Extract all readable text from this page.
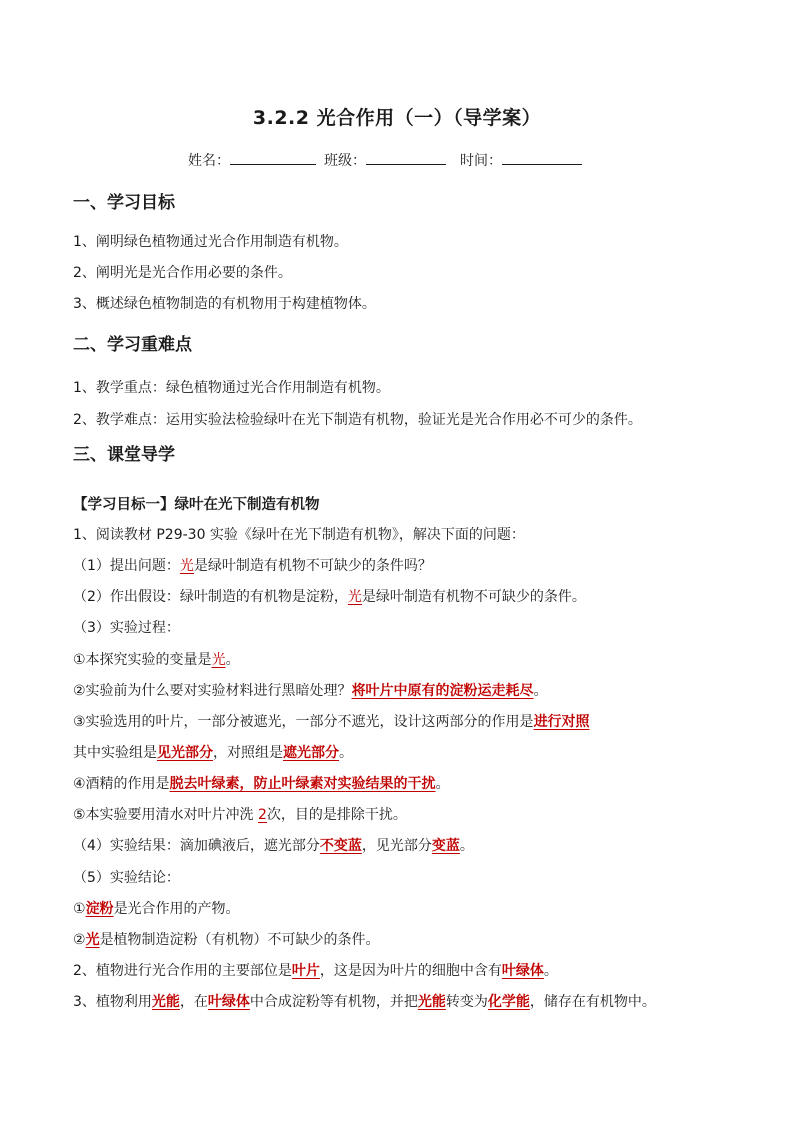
3.2.2 光合作用（一）（导学案）
姓名：	班级：	时间：
一、学习目标
1、阐明绿色植物通过光合作用制造有机物。
2、阐明光是光合作用必要的条件。
3、概述绿色植物制造的有机物用于构建植物体。
二、学习重难点
1、教学重点：绿色植物通过光合作用制造有机物。
2、教学难点：运用实验法检验绿叶在光下制造有机物，验证光是光合作用必不可少的条件。
三、课堂导学
【学习目标一】绿叶在光下制造有机物
1、阅读教材 P29-30 实验《绿叶在光下制造有机物》，解决下面的问题：
（1）提出问题：光是绿叶制造有机物不可缺少的条件吗？
（2）作出假设：绿叶制造的有机物是淀粉，光是绿叶制造有机物不可缺少的条件。
（3）实验过程：
①本探究实验的变量是光。
②实验前为什么要对实验材料进行黑暗处理？将叶片中原有的淀粉运走耗尽。
③实验选用的叶片，一部分被遮光，一部分不遮光，设计这两部分的作用是进行对照
其中实验组是见光部分，对照组是遮光部分。
④酒精的作用是脱去叶绿素，防止叶绿素对实验结果的干扰。
⑤本实验要用清水对叶片冲洗 2次，目的是排除干扰。
（4）实验结果：滴加碘液后，遮光部分不变蓝，见光部分变蓝。
（5）实验结论：
①淀粉是光合作用的产物。
②光是植物制造淀粉（有机物）不可缺少的条件。
2、植物进行光合作用的主要部位是叶片，这是因为叶片的细胞中含有叶绿体。
3、植物利用光能，在叶绿体中合成淀粉等有机物，并把光能转变为化学能，储存在有机物中。
